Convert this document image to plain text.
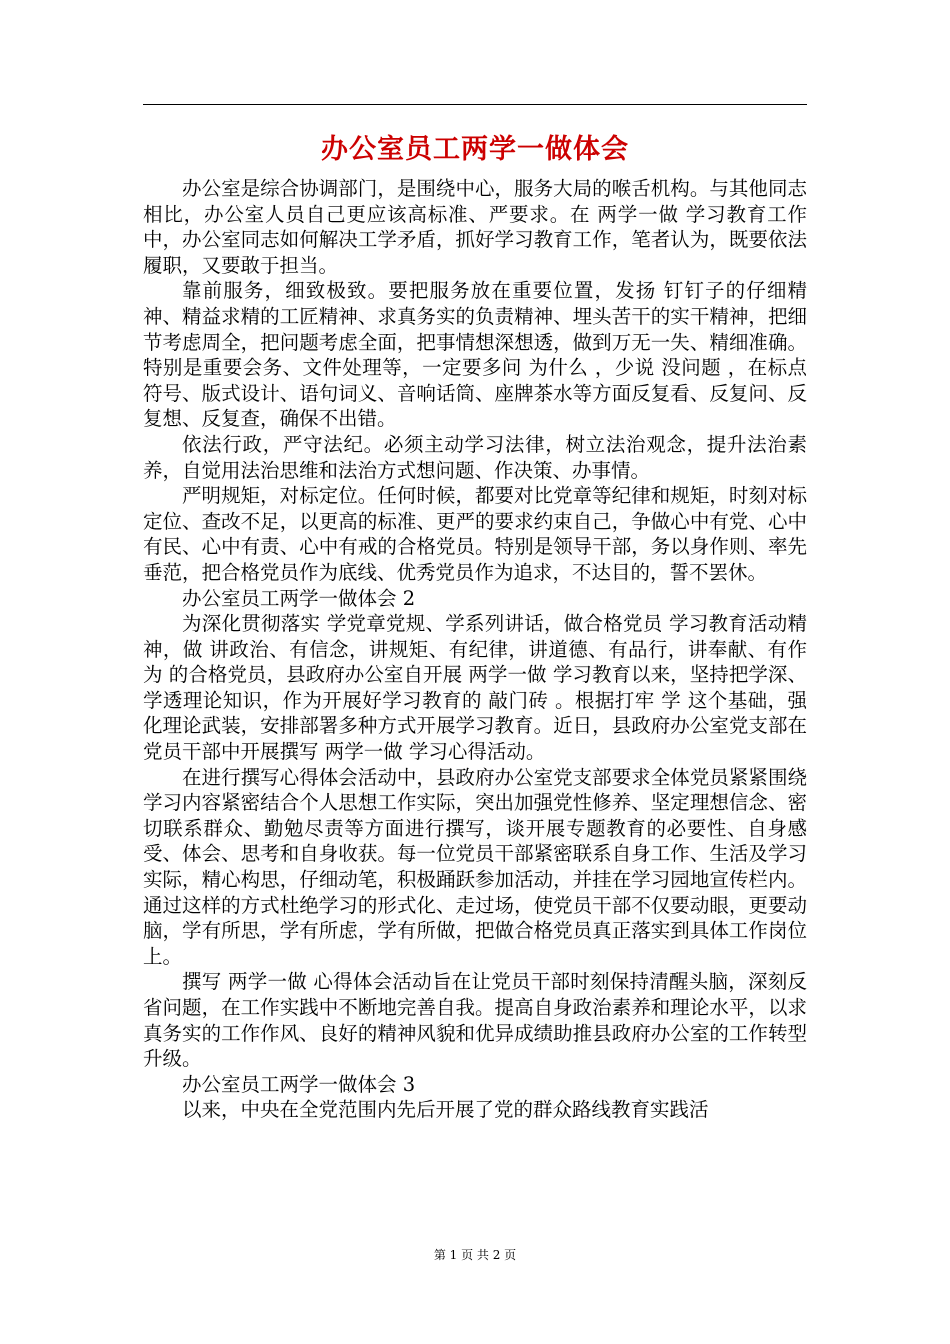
办公室员工两学一做体会

办公室是综合协调部门，是围绕中心，服务大局的喉舌机构。与其他同志相比，办公室人员自己更应该高标准、严要求。在 两学一做 学习教育工作中，办公室同志如何解决工学矛盾，抓好学习教育工作，笔者认为，既要依法履职，又要敢于担当。

靠前服务，细致极致。要把服务放在重要位置，发扬 钉钉子的仔细精神、精益求精的工匠精神、求真务实的负责精神、埋头苦干的实干精神，把细节考虑周全，把问题考虑全面，把事情想深想透，做到万无一失、精细准确。特别是重要会务、文件处理等，一定要多问 为什么 ，少说 没问题 ，在标点符号、版式设计、语句词义、音响话筒、座牌茶水等方面反复看、反复问、反复想、反复查，确保不出错。

依法行政，严守法纪。必须主动学习法律，树立法治观念，提升法治素养，自觉用法治思维和法治方式想问题、作决策、办事情。

严明规矩，对标定位。任何时候，都要对比党章等纪律和规矩，时刻对标定位、查改不足，以更高的标准、更严的要求约束自己，争做心中有党、心中有民、心中有责、心中有戒的合格党员。特别是领导干部，务以身作则、率先垂范，把合格党员作为底线、优秀党员作为追求，不达目的，誓不罢休。

办公室员工两学一做体会 2

为深化贯彻落实 学党章党规、学系列讲话，做合格党员 学习教育活动精神，做 讲政治、有信念，讲规矩、有纪律，讲道德、有品行，讲奉献、有作为 的合格党员，县政府办公室自开展 两学一做 学习教育以来，坚持把学深、学透理论知识，作为开展好学习教育的 敲门砖 。根据打牢 学 这个基础，强化理论武装，安排部署多种方式开展学习教育。近日，县政府办公室党支部在党员干部中开展撰写 两学一做 学习心得活动。

在进行撰写心得体会活动中，县政府办公室党支部要求全体党员紧紧围绕学习内容紧密结合个人思想工作实际，突出加强党性修养、坚定理想信念、密切联系群众、勤勉尽责等方面进行撰写，谈开展专题教育的必要性、自身感受、体会、思考和自身收获。每一位党员干部紧密联系自身工作、生活及学习实际，精心构思，仔细动笔，积极踊跃参加活动，并挂在学习园地宣传栏内。通过这样的方式杜绝学习的形式化、走过场，使党员干部不仅要动眼，更要动脑，学有所思，学有所虑，学有所做，把做合格党员真正落实到具体工作岗位上。

撰写 两学一做 心得体会活动旨在让党员干部时刻保持清醒头脑，深刻反省问题，在工作实践中不断地完善自我。提高自身政治素养和理论水平，以求真务实的工作作风、良好的精神风貌和优异成绩助推县政府办公室的工作转型升级。

办公室员工两学一做体会 3

以来，中央在全党范围内先后开展了党的群众路线教育实践活

第 1 页 共 2 页
